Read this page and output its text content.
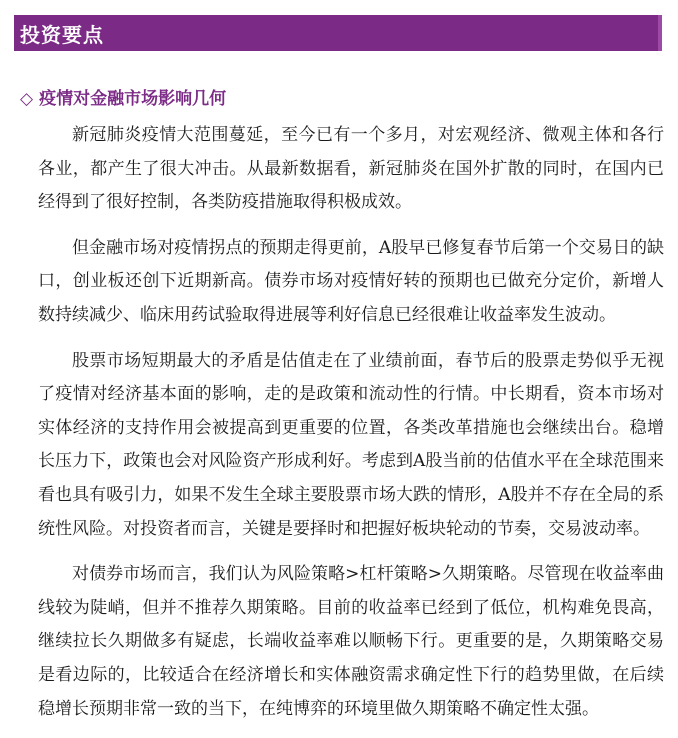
投资要点
◇ 疫情对金融市场影响几何

新冠肺炎疫情大范围蔓延，至今已有一个多月，对宏观经济、微观主体和各行各业，都产生了很大冲击。从最新数据看，新冠肺炎在国外扩散的同时，在国内已经得到了很好控制，各类防疫措施取得积极成效。

但金融市场对疫情拐点的预期走得更前，A股早已修复春节后第一个交易日的缺口，创业板还创下近期新高。债券市场对疫情好转的预期也已做充分定价，新增人数持续减少、临床用药试验取得进展等利好信息已经很难让收益率发生波动。

股票市场短期最大的矛盾是估值走在了业绩前面，春节后的股票走势似乎无视了疫情对经济基本面的影响，走的是政策和流动性的行情。中长期看，资本市场对实体经济的支持作用会被提高到更重要的位置，各类改革措施也会继续出台。稳增长压力下，政策也会对风险资产形成利好。考虑到A股当前的估值水平在全球范围来看也具有吸引力，如果不发生全球主要股票市场大跌的情形，A股并不存在全局的系统性风险。对投资者而言，关键是要择时和把握好板块轮动的节奏，交易波动率。

对债券市场而言，我们认为风险策略>杠杆策略>久期策略。尽管现在收益率曲线较为陡峭，但并不推荐久期策略。目前的收益率已经到了低位，机构难免畏高，继续拉长久期做多有疑虑，长端收益率难以顺畅下行。更重要的是，久期策略交易是看边际的，比较适合在经济增长和实体融资需求确定性下行的趋势里做，在后续稳增长预期非常一致的当下，在纯博弈的环境里做久期策略不确定性太强。
